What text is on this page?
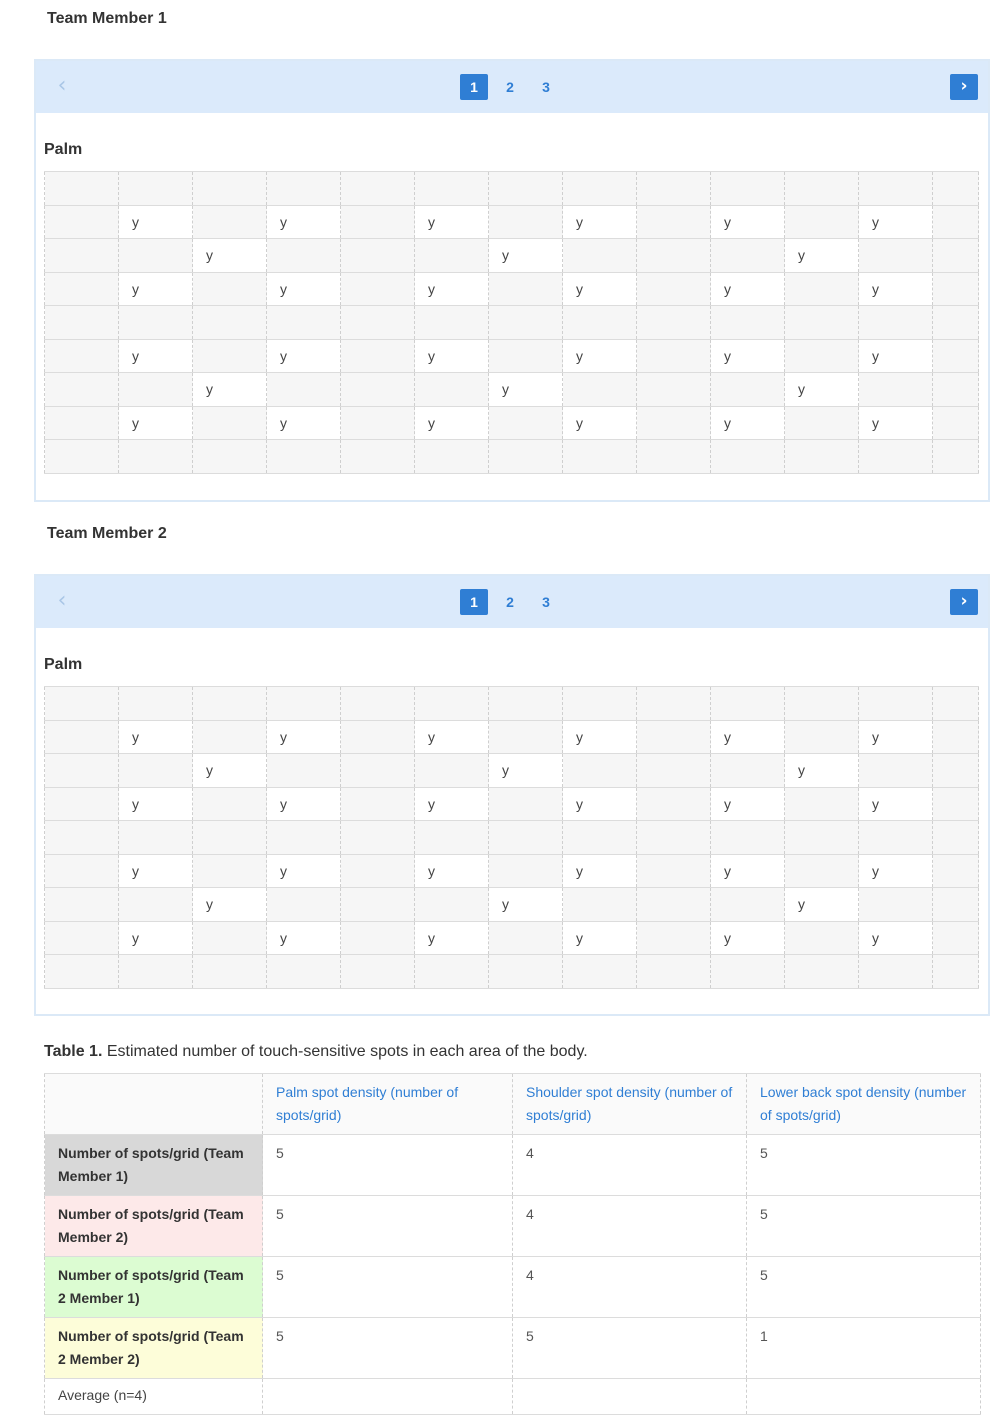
Team Member 1
‹	1	2	3	›
Palm

	y		y		y		y		y		y	
		y				y				y		
	y		y		y		y		y		y	

	y		y		y		y		y		y	
		y				y				y		
	y		y		y		y		y		y	

Team Member 2
‹	1	2	3	›
Palm

	y		y		y		y		y		y	
		y				y				y		
	y		y		y		y		y		y	

	y		y		y		y		y		y	
		y				y				y		
	y		y		y		y		y		y	

Table 1. Estimated number of touch-sensitive spots in each area of the body.
	Palm spot density (number of spots/grid)	Shoulder spot density (number of spots/grid)	Lower back spot density (number of spots/grid)
Number of spots/grid (Team Member 1)	5	4	5
Number of spots/grid (Team Member 2)	5	4	5
Number of spots/grid (Team 2 Member 1)	5	4	5
Number of spots/grid (Team 2 Member 2)	5	5	1
Average (n=4)			
